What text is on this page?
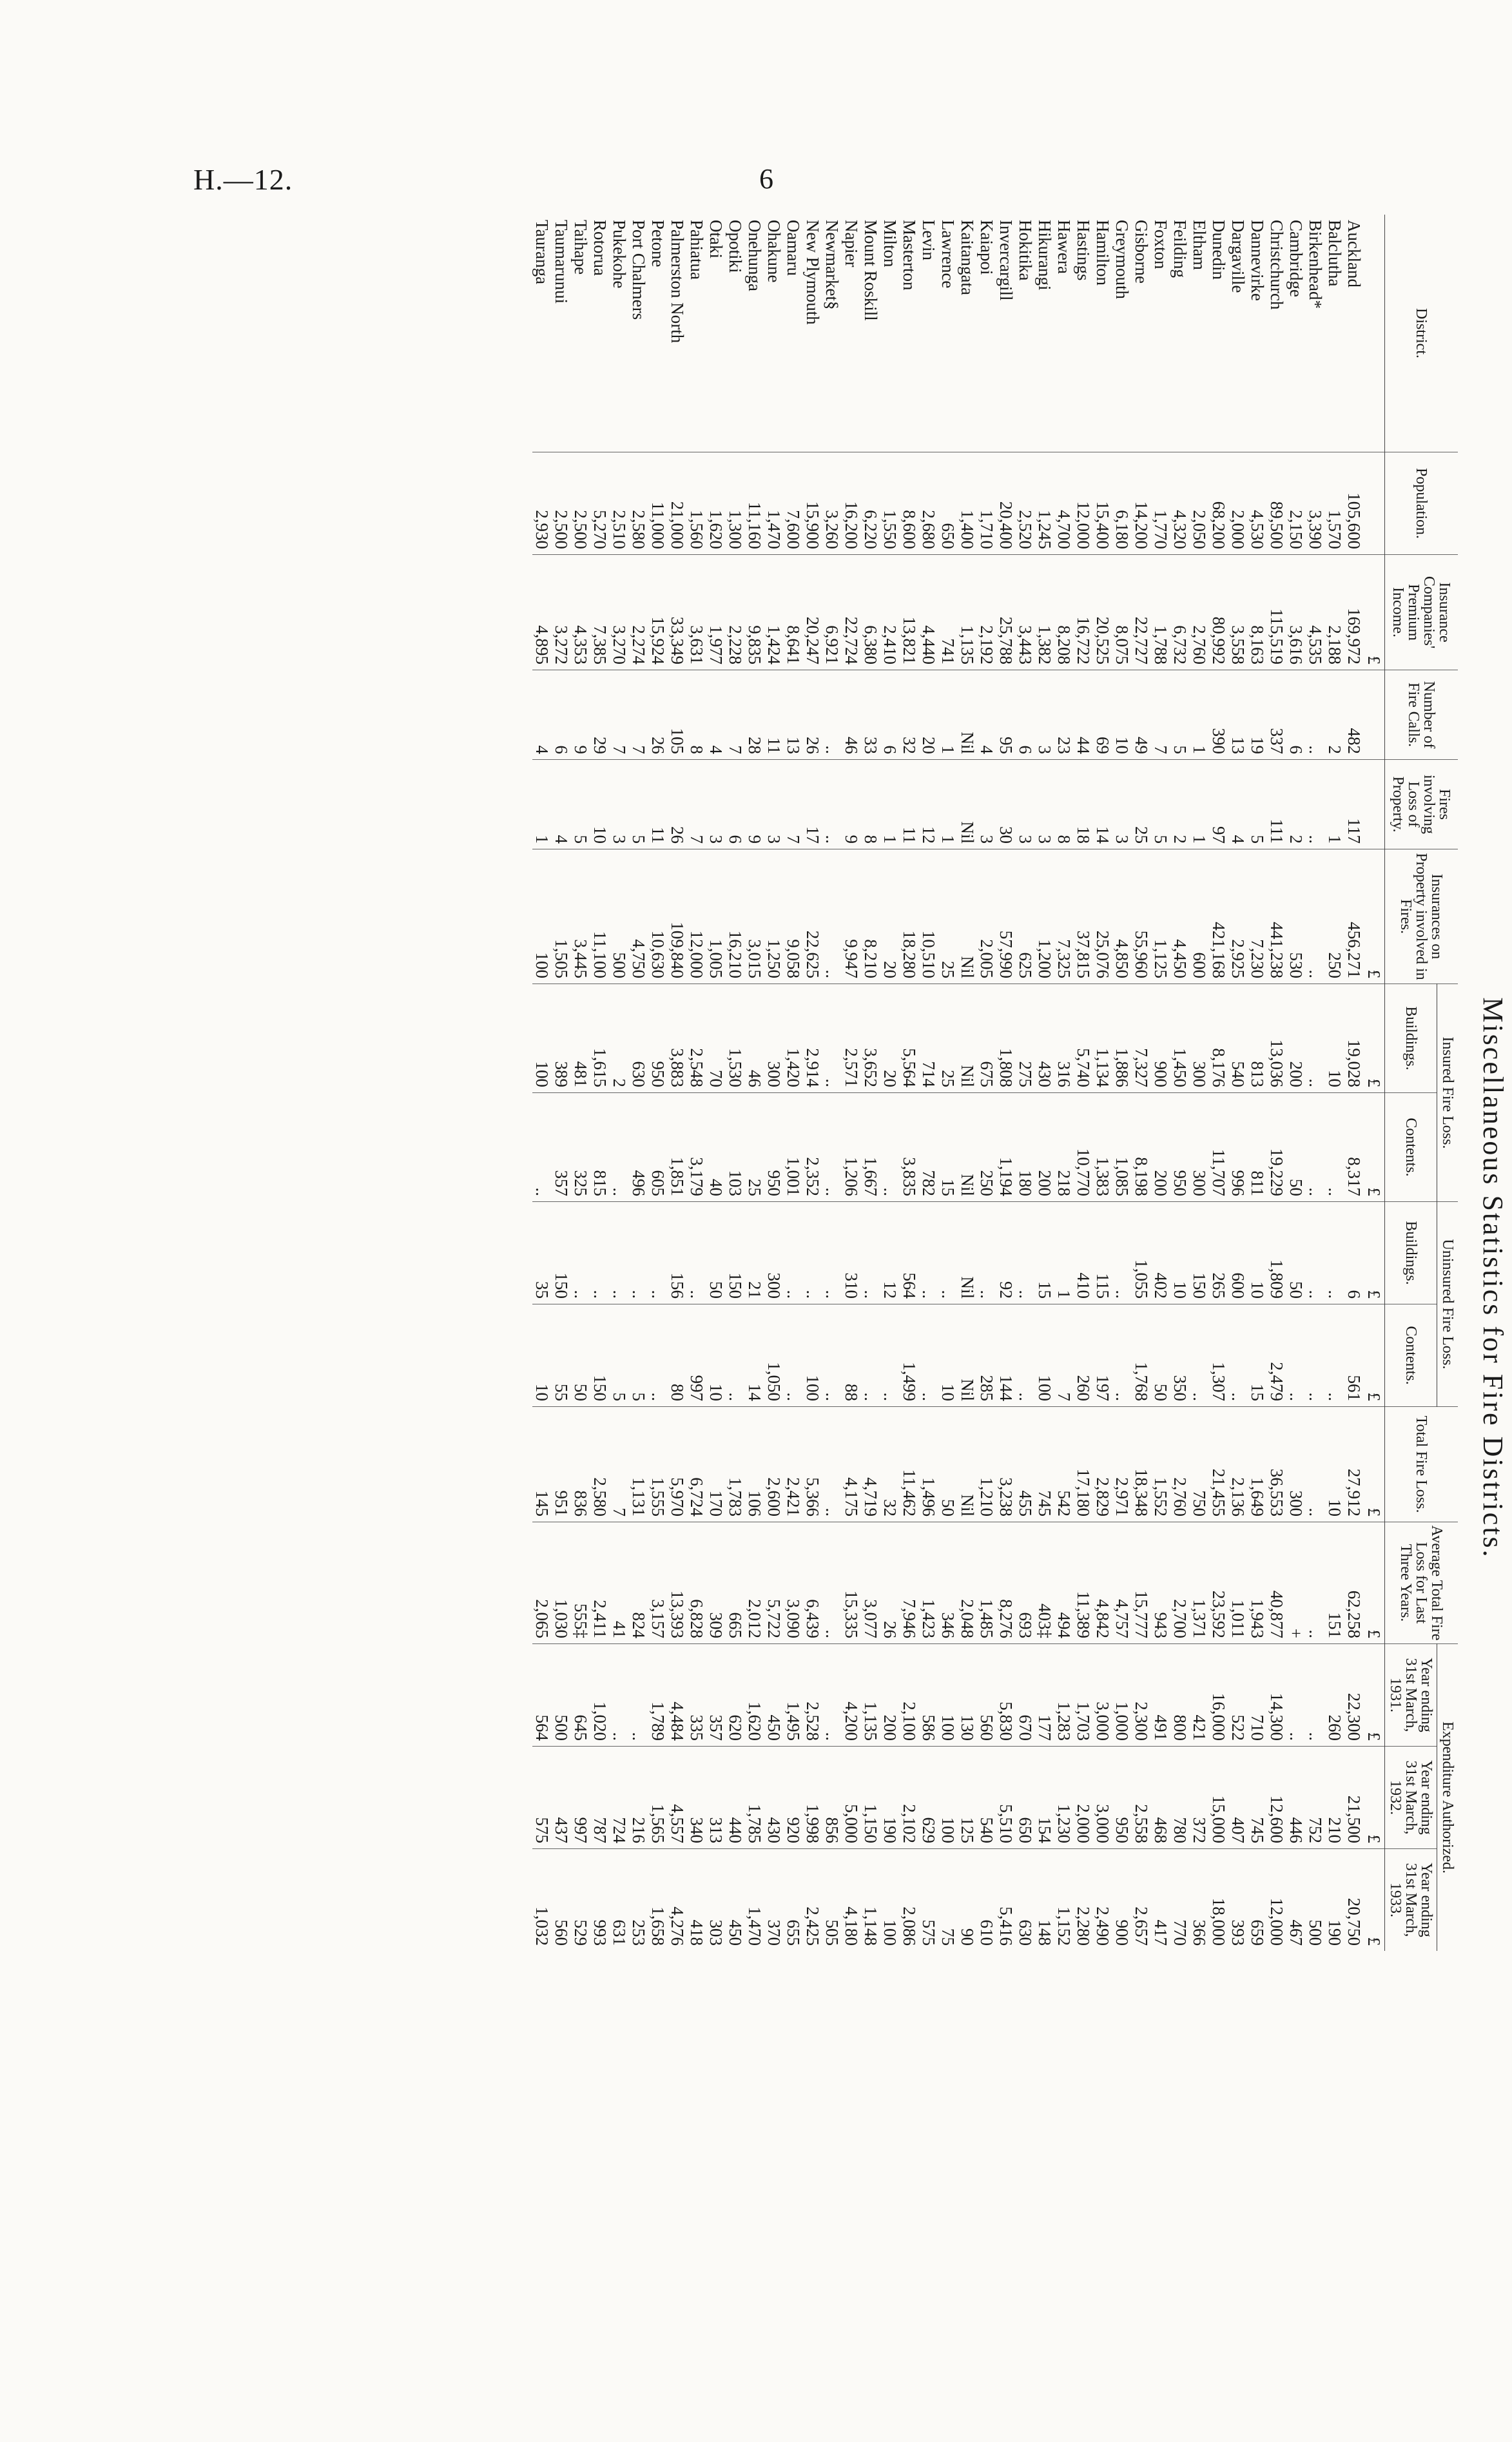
H.—12.	6
Miscellaneous Statistics for Fire Districts.
District.	Population.	Insurance Companies' Premium Income.	Number of Fire Calls.	Fires involving Loss of Property.	Insurances on Property involved in Fires.	Insured Fire Loss.		Uninsured Fire Loss.		Total Fire Loss.	Average Total Fire Loss for Last Three Years.	Expenditure Authorized.		
						Buildings.	Contents.	Buildings.	Contents.			Year ending 31st March, 1931.	Year ending 31st March, 1932.	Year ending 31st March, 1933.
		£			£	£	£	£	£	£	£	£	£	£
Auckland	105,600	169,972	482	117	456,271	19,028	8,317	6	561	27,912	62,258	22,300	21,500	20,750
Balclutha	1,570	2,188	2	1	250	10	..	..	..	10	151	260	210	190
Birkenhead*	3,390	4,535	..	..	..	..	..	..	..	..	..	..	752	500
Cambridge	2,150	3,616	6	2	530	200	50	50	..	300	+	..	446	467
Christchurch	89,500	115,519	337	111	441,238	13,036	19,229	1,809	2,479	36,553	40,877	14,300	12,600	12,000
Dannevirke	4,530	8,163	19	5	7,230	813	811	10	15	1,649	1,943	710	745	659
Dargaville	2,000	3,558	13	4	2,925	540	996	600	..	2,136	1,011	522	407	393
Dunedin	68,200	80,992	390	97	421,168	8,176	11,707	265	1,307	21,455	23,592	16,000	15,000	18,000
Eltham	2,050	2,760	1	1	600	300	300	150	..	750	1,371	421	372	366
Feilding	4,320	6,732	5	2	4,450	1,450	950	10	350	2,760	2,700	800	780	770
Foxton	1,770	1,788	7	5	1,125	900	200	402	50	1,552	943	491	468	417
Gisborne	14,200	22,727	49	25	55,960	7,327	8,198	1,055	1,768	18,348	15,777	2,300	2,558	2,657
Greymouth	6,180	8,075	10	3	4,850	1,886	1,085	..	..	2,971	4,757	1,000	950	900
Hamilton	15,400	20,525	69	14	25,076	1,134	1,383	115	197	2,829	4,842	3,000	3,000	2,490
Hastings	12,000	16,722	44	18	37,815	5,740	10,770	410	260	17,180	11,389	1,703	2,000	2,280
Hawera	4,700	8,208	23	8	7,325	316	218	1	7	542	494	1,283	1,230	1,152
Hikurangi	1,245	1,382	3	3	1,200	430	200	15	100	745	403‡	177	154	148
Hokitika	2,520	3,443	6	3	625	275	180	..	..	455	693	670	650	630
Invercargill	20,400	25,788	95	30	57,990	1,808	1,194	92	144	3,238	8,276	5,830	5,510	5,416
Kaiapoi	1,710	2,192	4	3	2,005	675	250	..	285	1,210	1,485	560	540	610
Kaitangata	1,400	1,135	Nil	Nil	Nil	Nil	Nil	Nil	Nil	Nil	2,048	130	125	90
Lawrence	650	741	1	1	25	25	15	..	10	50	346	100	100	75
Levin	2,680	4,440	20	12	10,510	714	782	..	..	1,496	1,423	586	629	575
Masterton	8,600	13,821	32	11	18,280	5,564	3,835	564	1,499	11,462	7,946	2,100	2,102	2,086
Milton	1,550	2,410	6	1	20	20	..	12	..	32	26	200	190	100
Mount Roskill	6,220	6,380	33	8	8,210	3,652	1,667	..	..	4,719	3,077	1,135	1,150	1,148
Napier	16,200	22,724	46	9	9,947	2,571	1,206	310	88	4,175	15,335	4,200	5,000	4,180
Newmarket§	3,260	6,921	..	..	..	..	..	..	..	..	..	..	856	505
New Plymouth	15,900	20,247	26	17	22,625	2,914	2,352	..	100	5,366	6,439	2,528	1,998	2,425
Oamaru	7,600	8,641	13	7	9,058	1,420	1,001	..	..	2,421	3,090	1,495	920	655
Ohakune	1,470	1,424	11	3	1,250	300	950	300	1,050	2,600	5,722	450	430	370
Onehunga	11,160	9,835	28	9	3,015	46	25	21	14	106	2,012	1,620	1,785	1,470
Opotiki	1,300	2,228	7	6	16,210	1,530	103	150	..	1,783	665	620	440	450
Otaki	1,620	1,977	4	3	1,005	70	40	50	10	170	309	357	313	303
Pahiatua	1,560	3,631	8	7	12,000	2,548	3,179	..	997	6,724	6,828	335	340	418
Palmerston North	21,000	33,349	105	26	109,840	3,883	1,851	156	80	5,970	13,393	4,484	4,557	4,276
Petone	11,000	15,924	26	11	10,630	950	605	..	..	1,555	3,157	1,789	1,565	1,658
Port Chalmers	2,580	2,274	7	5	4,750	630	496	..	5	1,131	824	..	216	253
Pukekohe	2,510	3,270	7	3	500	2	..	..	5	7	41	..	724	631
Rotorua	5,270	7,385	29	10	11,100	1,615	815	..	150	2,580	2,411	1,020	787	993
Taihape	2,500	4,353	9	5	3,445	481	325	..	50	836	555‡	645	997	529
Taumarunui	2,500	3,272	6	4	1,505	389	357	150	55	951	1,030	500	437	560
Tauranga	2,930	4,895	4	1	100	100	..	35	10	145	2,065	564	575	1,032
